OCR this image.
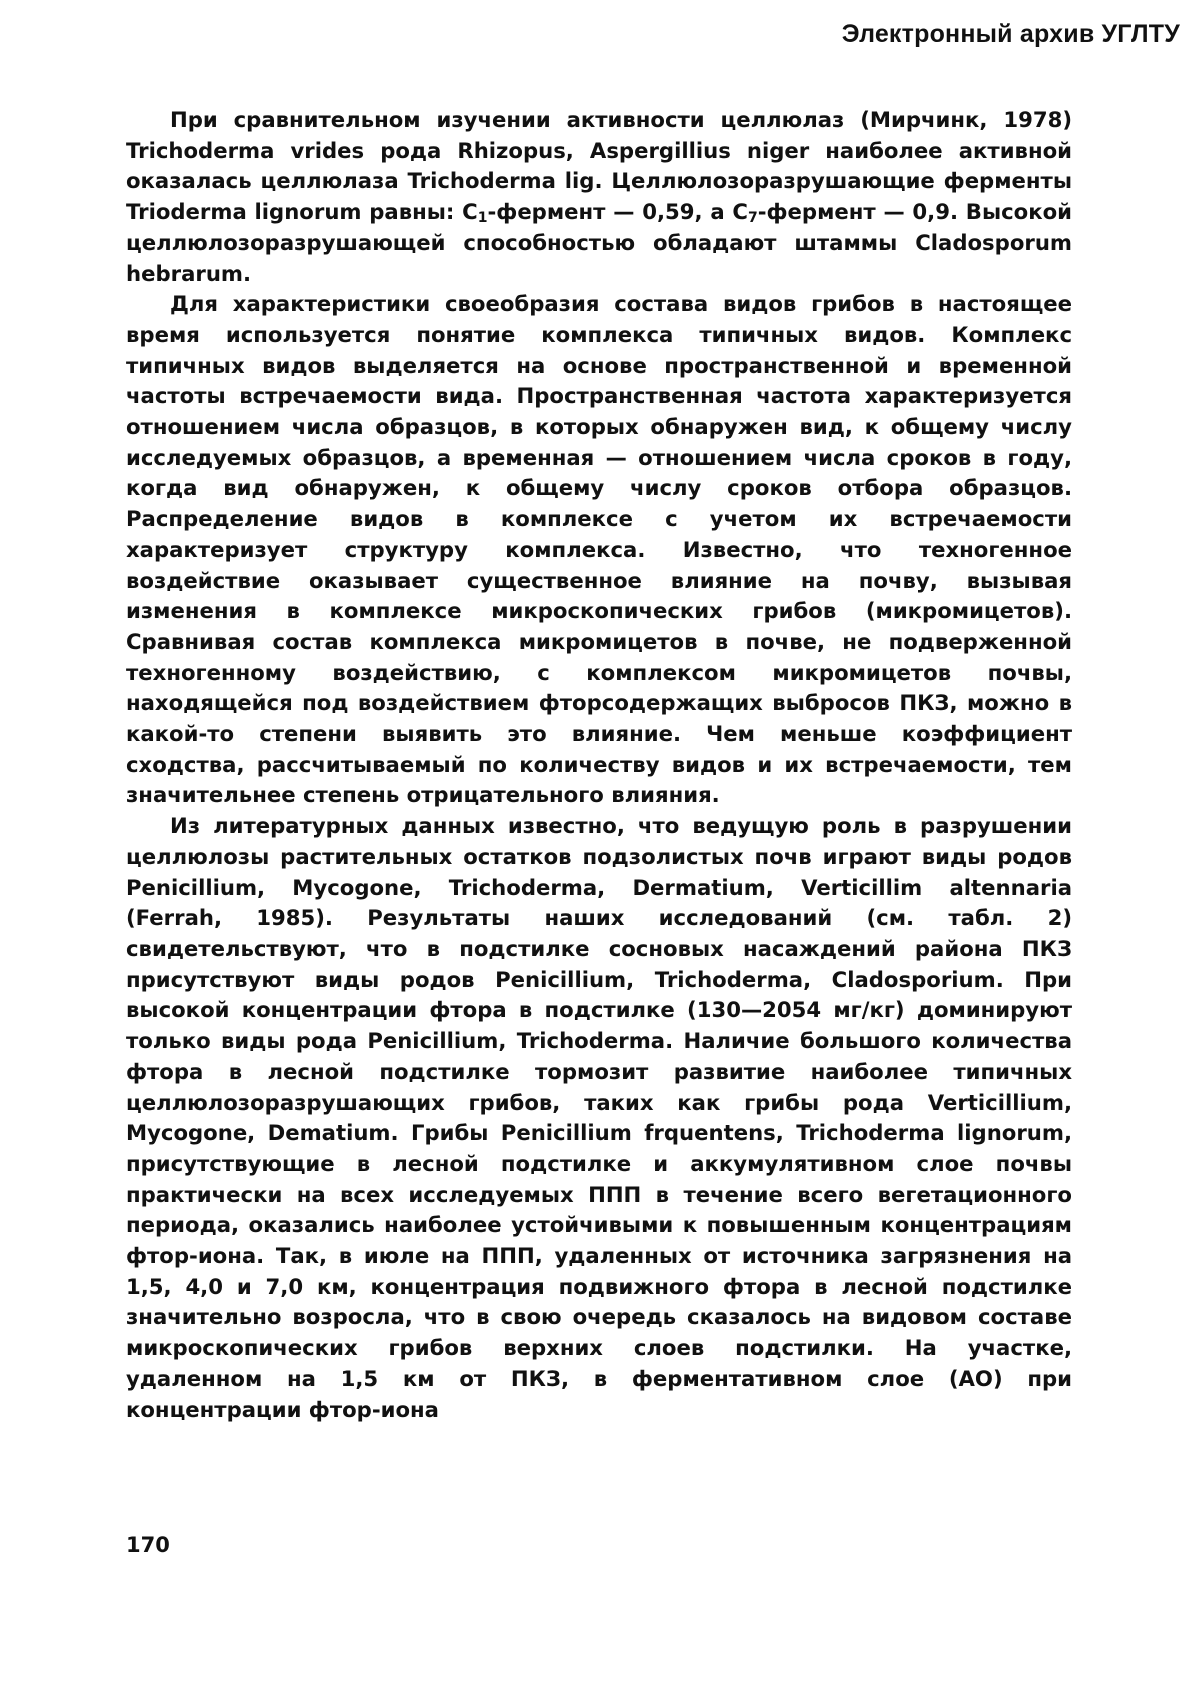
Электронный архив УГЛТУ

При сравнительном изучении активности целлюлаз (Мирчинк, 1978) Trichoderma vrides рода Rhizopus, Aspergillius niger наиболее активной оказалась целлюлаза Trichoderma lig. Целлюлозоразрушающие ферменты Trioderma lignorum равны: $С_1$-фермент — 0,59, а $С_7$-фермент — 0,9. Высокой целлюлозоразрушающей способностью обладают штаммы Cladosporum hebrarum.

Для характеристики своеобразия состава видов грибов в настоящее время используется понятие комплекса типичных видов. Комплекс типичных видов выделяется на основе пространственной и временной частоты встречаемости вида. Пространственная частота характеризуется отношением числа образцов, в которых обнаружен вид, к общему числу исследуемых образцов, а временная — отношением числа сроков в году, когда вид обнаружен, к общему числу сроков отбора образцов. Распределение видов в комплексе с учетом их встречаемости характеризует структуру комплекса. Известно, что техногенное воздействие оказывает существенное влияние на почву, вызывая изменения в комплексе микроскопических грибов (микромицетов). Сравнивая состав комплекса микромицетов в почве, не подверженной техногенному воздействию, с комплексом микромицетов почвы, находящейся под воздействием фторсодержащих выбросов ПКЗ, можно в какой-то степени выявить это влияние. Чем меньше коэффициент сходства, рассчитываемый по количеству видов и их встречаемости, тем значительнее степень отрицательного влияния.

Из литературных данных известно, что ведущую роль в разрушении целлюлозы растительных остатков подзолистых почв играют виды родов Penicillium, Mycogone, Trichoderma, Dermatium, Verticillim altennaria (Ferrah, 1985). Результаты наших исследований (см. табл. 2) свидетельствуют, что в подстилке сосновых насаждений района ПКЗ присутствуют виды родов Penicillium, Trichoderma, Cladosporium. При высокой концентрации фтора в подстилке (130—2054 мг/кг) доминируют только виды рода Penicillium, Trichoderma. Наличие большого количества фтора в лесной подстилке тормозит развитие наиболее типичных целлюлозоразрушающих грибов, таких как грибы рода Verticillium, Mycogone, Dematium. Грибы Penicillium frquentens, Trichoderma lignorum, присутствующие в лесной подстилке и аккумулятивном слое почвы практически на всех исследуемых ППП в течение всего вегетационного периода, оказались наиболее устойчивыми к повышенным концентрациям фтор-иона. Так, в июле на ППП, удаленных от источника загрязнения на 1,5, 4,0 и 7,0 км, концентрация подвижного фтора в лесной подстилке значительно возросла, что в свою очередь сказалось на видовом составе микроскопических грибов верхних слоев подстилки. На участке, удаленном на 1,5 км от ПКЗ, в ферментативном слое (АО) при концентрации фтор-иона

170
